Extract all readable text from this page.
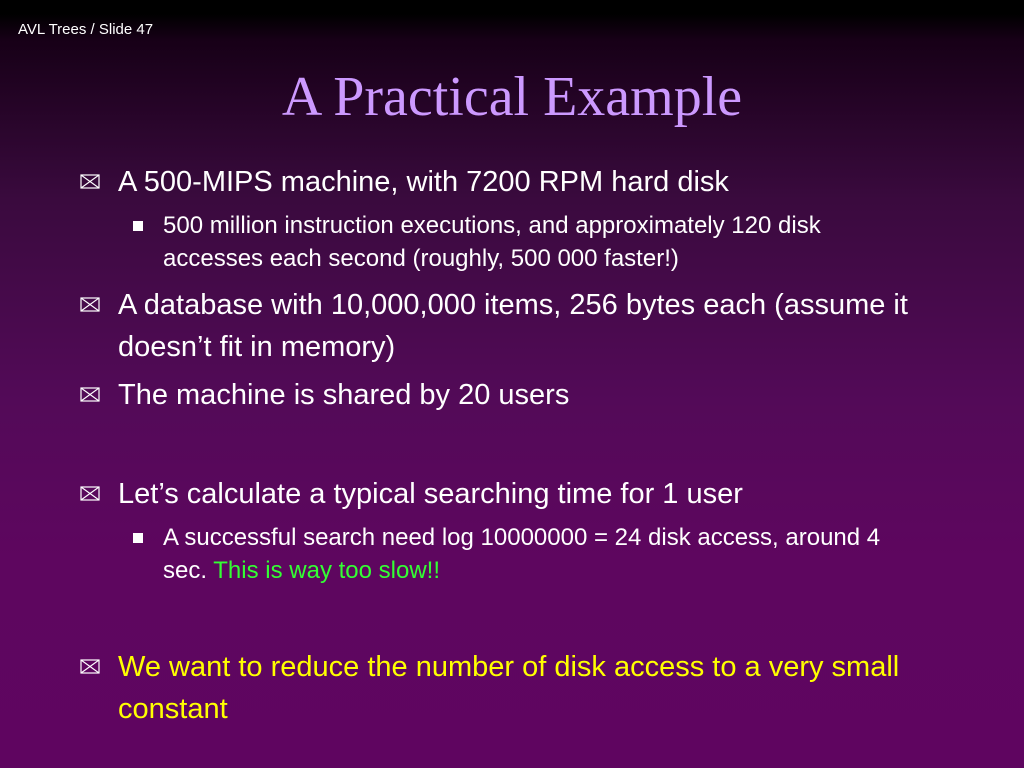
AVL Trees / Slide 47
A Practical Example
A 500-MIPS machine, with 7200 RPM hard disk
500 million instruction executions, and approximately 120 disk accesses each second (roughly, 500 000 faster!)
A database with 10,000,000 items, 256 bytes each (assume it doesn’t fit in memory)
The machine is shared by 20 users
Let’s calculate a typical searching time for 1 user
A successful search need log 10000000 = 24 disk access, around 4 sec. This is way too slow!!
We want to reduce the number of disk access to a very small constant
